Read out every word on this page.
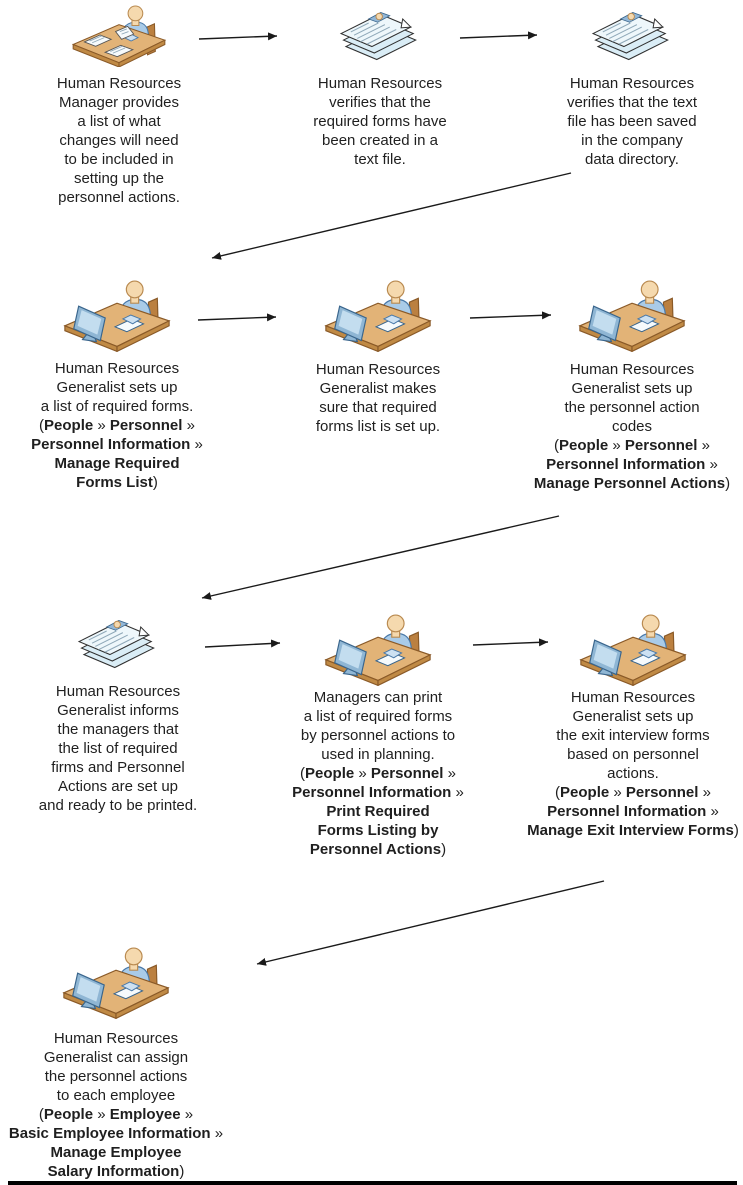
Human Resources
Manager provides
a list of what
changes will need
to be included in
setting up the
personnel actions.
Human Resources
verifies that the
required forms have
been created in a
text file.
Human Resources
verifies that the text
file has been saved
in the company
data directory.
Human Resources
Generalist sets up
a list of required forms.
(People » Personnel »
Personnel Information »
Manage Required
Forms List)
Human Resources
Generalist makes
sure that required
forms list is set up.
Human Resources
Generalist sets up
the personnel action
codes
(People » Personnel »
Personnel Information »
Manage Personnel Actions)
Human Resources
Generalist informs
the managers that
the list of required
firms and Personnel
Actions are set up
and ready to be printed.
Managers can print
a list of required forms
by personnel actions to
used in planning.
(People » Personnel »
Personnel Information »
Print Required
Forms Listing by
Personnel Actions)
Human Resources
Generalist sets up
the exit interview forms
based on personnel
actions.
(People » Personnel »
Personnel Information »
Manage Exit Interview Forms)
Human Resources
Generalist can assign
the personnel actions
to each employee
(People » Employee »
Basic Employee Information »
Manage Employee
Salary Information)
